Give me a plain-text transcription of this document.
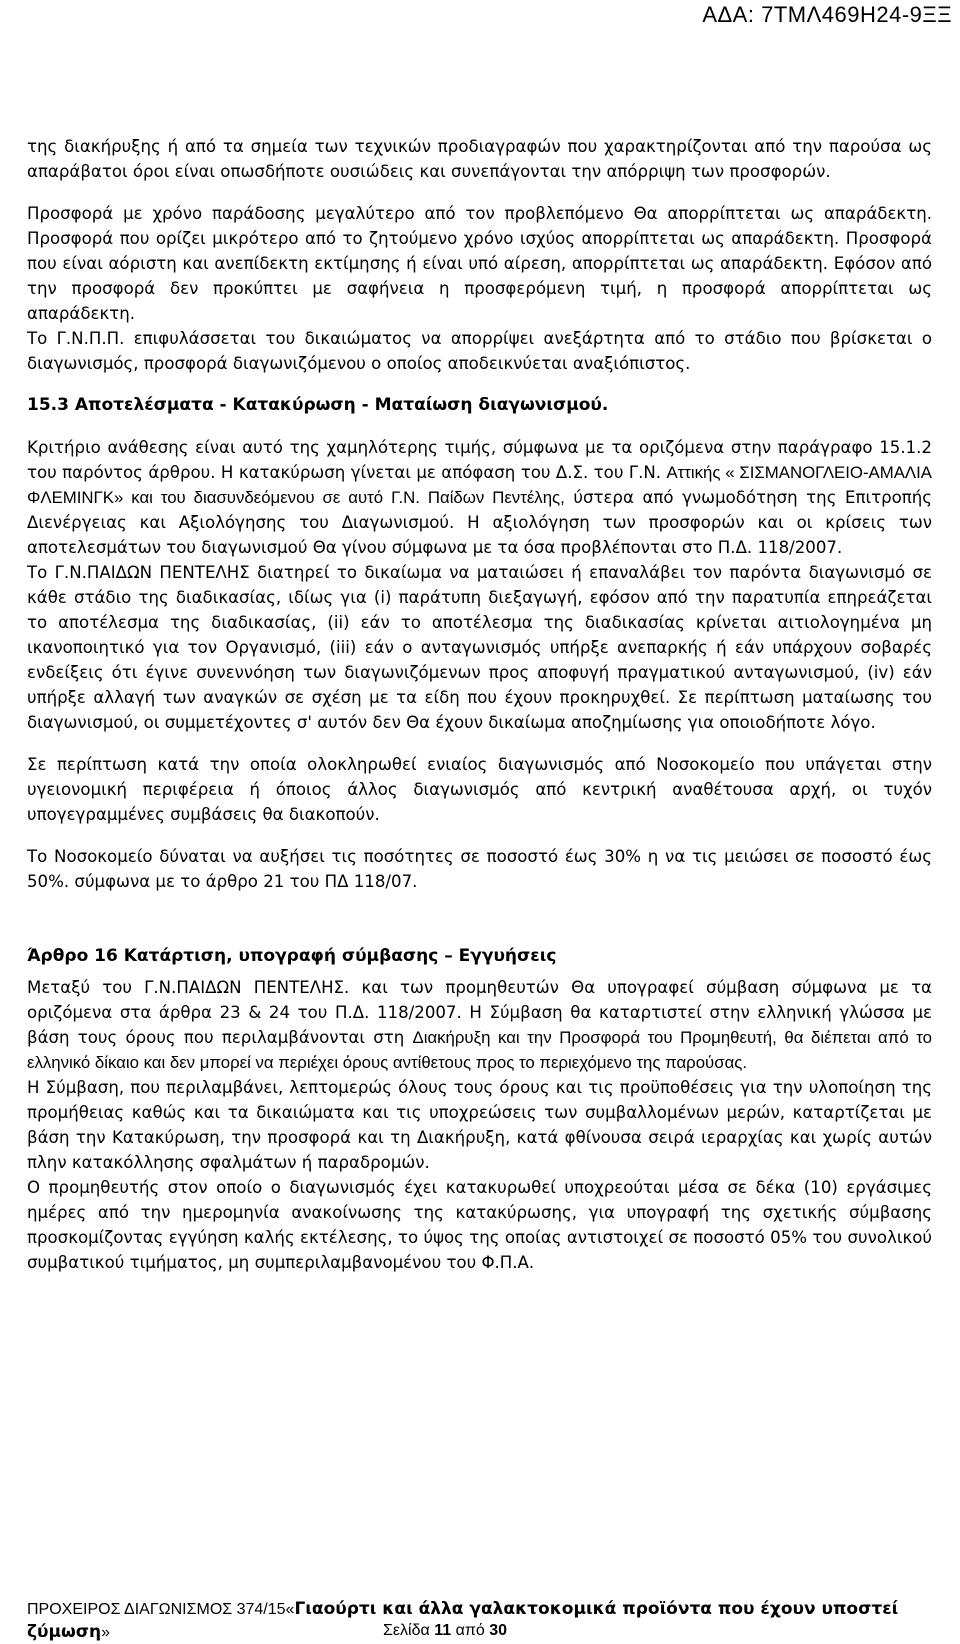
ΑΔΑ: 7ΤΜΛ469Η24-9ΞΞ

της διακήρυξης ή από τα σημεία των τεχνικών προδιαγραφών που χαρακτηρίζονται από την παρούσα ως απαράβατοι όροι είναι οπωσδήποτε ουσιώδεις και συνεπάγονται την απόρριψη των προσφορών.

Προσφορά με χρόνο παράδοσης μεγαλύτερο από τον προβλεπόμενο Θα απορρίπτεται ως απαράδεκτη. Προσφορά που ορίζει μικρότερο από το ζητούμενο χρόνο ισχύος απορρίπτεται ως απαράδεκτη. Προσφορά που είναι αόριστη και ανεπίδεκτη εκτίμησης ή είναι υπό αίρεση, απορρίπτεται ως απαράδεκτη. Εφόσον από την προσφορά δεν προκύπτει με σαφήνεια η προσφερόμενη τιμή, η προσφορά απορρίπτεται ως απαράδεκτη.

Το Γ.Ν.Π.Π. επιφυλάσσεται του δικαιώματος να απορρίψει ανεξάρτητα από το στάδιο που βρίσκεται ο διαγωνισμός, προσφορά διαγωνιζόμενου ο οποίος αποδεικνύεται αναξιόπιστος.

15.3 Αποτελέσματα - Κατακύρωση - Ματαίωση διαγωνισμού.

Κριτήριο ανάθεσης είναι αυτό της χαμηλότερης τιμής, σύμφωνα με τα οριζόμενα στην παράγραφο 15.1.2 του παρόντος άρθρου. Η κατακύρωση γίνεται με απόφαση του Δ.Σ. του Γ.Ν. Αττικής « ΣΙΣΜΑΝΟΓΛΕΙΟ-ΑΜΑΛΙΑ ΦΛΕΜΙΝΓΚ» και του διασυνδεόμενου σε αυτό Γ.Ν. Παίδων Πεντέλης, ύστερα από γνωμοδότηση της Επιτροπής Διενέργειας και Αξιολόγησης του Διαγωνισμού. Η αξιολόγηση των προσφορών και οι κρίσεις των αποτελεσμάτων του διαγωνισμού Θα γίνου σύμφωνα με τα όσα προβλέπονται στο Π.Δ. 118/2007.

Το Γ.Ν.ΠΑΙΔΩΝ ΠΕΝΤΕΛΗΣ διατηρεί το δικαίωμα να ματαιώσει ή επαναλάβει τον παρόντα διαγωνισμό σε κάθε στάδιο της διαδικασίας, ιδίως για (i) παράτυπη διεξαγωγή, εφόσον από την παρατυπία επηρεάζεται το αποτέλεσμα της διαδικασίας, (ii) εάν το αποτέλεσμα της διαδικασίας κρίνεται αιτιολογημένα μη ικανοποιητικό για τον Οργανισμό, (iii) εάν ο ανταγωνισμός υπήρξε ανεπαρκής ή εάν υπάρχουν σοβαρές ενδείξεις ότι έγινε συνεννόηση των διαγωνιζόμενων προς αποφυγή πραγματικού ανταγωνισμού, (iv) εάν υπήρξε αλλαγή των αναγκών σε σχέση με τα είδη που έχουν προκηρυχθεί. Σε περίπτωση ματαίωσης του διαγωνισμού, οι συμμετέχοντες σ' αυτόν δεν Θα έχουν δικαίωμα αποζημίωσης για οποιοδήποτε λόγο.

Σε περίπτωση κατά την οποία ολοκληρωθεί ενιαίος διαγωνισμός από Νοσοκομείο που υπάγεται στην υγειονομική περιφέρεια ή όποιος άλλος διαγωνισμός από κεντρική αναθέτουσα αρχή, οι τυχόν υπογεγραμμένες συμβάσεις θα διακοπούν.

Το Νοσοκομείο δύναται να αυξήσει τις ποσότητες σε ποσοστό έως 30% η να τις μειώσει σε ποσοστό έως 50%. σύμφωνα με το άρθρο 21 του ΠΔ 118/07.

Άρθρο 16 Κατάρτιση, υπογραφή σύμβασης – Εγγυήσεις

Μεταξύ του Γ.Ν.ΠΑΙΔΩΝ ΠΕΝΤΕΛΗΣ. και των προμηθευτών Θα υπογραφεί σύμβαση σύμφωνα με τα οριζόμενα στα άρθρα 23 & 24 του Π.Δ. 118/2007. Η Σύμβαση θα καταρτιστεί στην ελληνική γλώσσα με βάση τους όρους που περιλαμβάνονται στη Διακήρυξη και την Προσφορά του Προμηθευτή, θα διέπεται από το ελληνικό δίκαιο και δεν μπορεί να περιέχει όρους αντίθετους προς το περιεχόμενο της παρούσας.

Η Σύμβαση, που περιλαμβάνει, λεπτομερώς όλους τους όρους και τις προϋποθέσεις για την υλοποίηση της προμήθειας καθώς και τα δικαιώματα και τις υποχρεώσεις των συμβαλλομένων μερών, καταρτίζεται με βάση την Κατακύρωση, την προσφορά και τη Διακήρυξη, κατά φθίνουσα σειρά ιεραρχίας και χωρίς αυτών πλην κατακόλλησης σφαλμάτων ή παραδρομών.

Ο προμηθευτής στον οποίο ο διαγωνισμός έχει κατακυρωθεί υποχρεούται μέσα σε δέκα (10) εργάσιμες ημέρες από την ημερομηνία ανακοίνωσης της κατακύρωσης, για υπογραφή της σχετικής σύμβασης προσκομίζοντας εγγύηση καλής εκτέλεσης, το ύψος της οποίας αντιστοιχεί σε ποσοστό 05% του συνολικού συμβατικού τιμήματος, μη συμπεριλαμβανομένου του Φ.Π.Α.

ΠΡΟΧΕΙΡΟΣ ΔΙΑΓΩΝΙΣΜΟΣ 374/15«Γιαούρτι και άλλα γαλακτοκομικά προϊόντα που έχουν υποστεί ζύμωση»	Σελίδα 11 από 30
